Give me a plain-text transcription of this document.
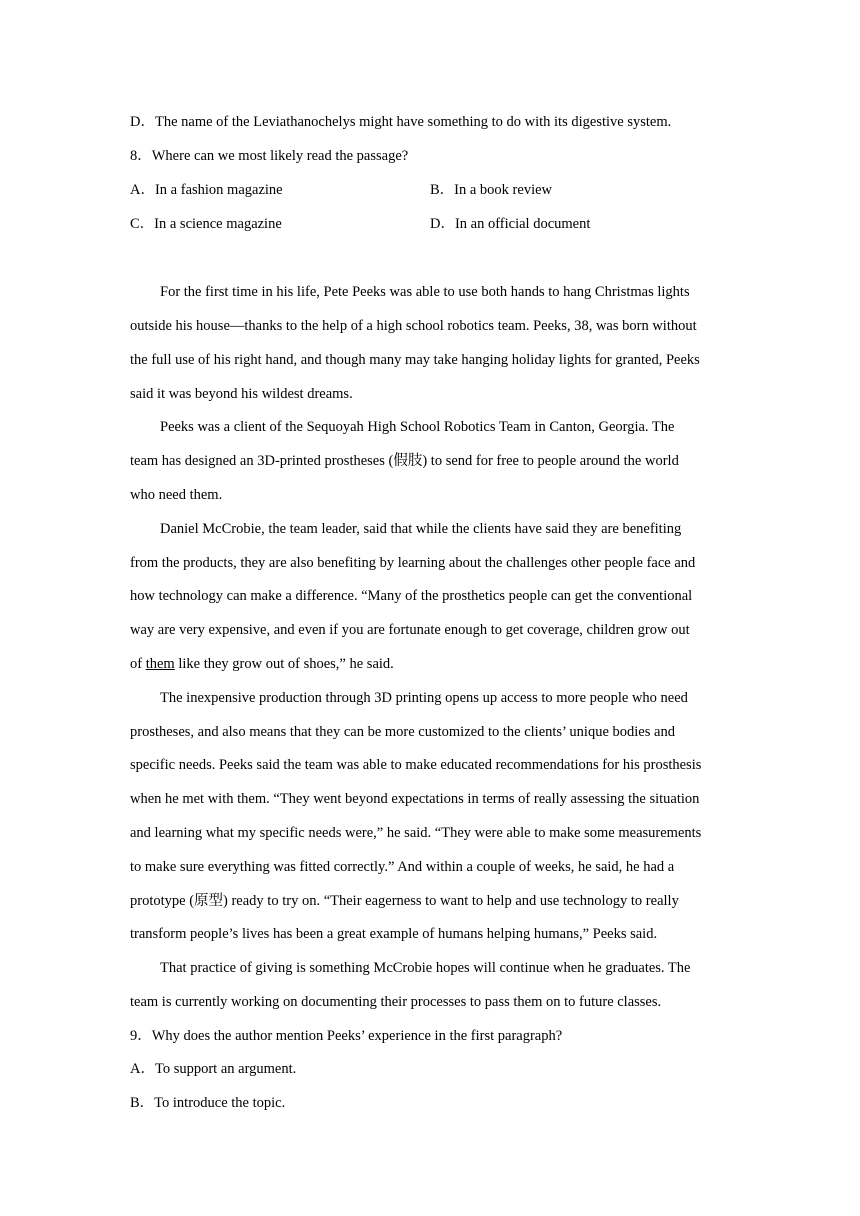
D．The name of the Leviathanochelys might have something to do with its digestive system.
8．Where can we most likely read the passage?
A．In a fashion magazine	B．In a book review
C．In a science magazine	D．In an official document
For the first time in his life, Pete Peeks was able to use both hands to hang Christmas lights
outside his house—thanks to the help of a high school robotics team. Peeks, 38, was born without
the full use of his right hand, and though many may take hanging holiday lights for granted, Peeks
said it was beyond his wildest dreams.
Peeks was a client of the Sequoyah High School Robotics Team in Canton, Georgia. The
team has designed an 3D-printed prostheses (假肢) to send for free to people around the world
who need them.
Daniel McCrobie, the team leader, said that while the clients have said they are benefiting
from the products, they are also benefiting by learning about the challenges other people face and
how technology can make a difference. “Many of the prosthetics people can get the conventional
way are very expensive, and even if you are fortunate enough to get coverage, children grow out
of them like they grow out of shoes,” he said.
The inexpensive production through 3D printing opens up access to more people who need
prostheses, and also means that they can be more customized to the clients’ unique bodies and
specific needs. Peeks said the team was able to make educated recommendations for his prosthesis
when he met with them. “They went beyond expectations in terms of really assessing the situation
and learning what my specific needs were,” he said. “They were able to make some measurements
to make sure everything was fitted correctly.” And within a couple of weeks, he said, he had a
prototype (原型) ready to try on. “Their eagerness to want to help and use technology to really
transform people’s lives has been a great example of humans helping humans,” Peeks said.
That practice of giving is something McCrobie hopes will continue when he graduates. The
team is currently working on documenting their processes to pass them on to future classes.
9．Why does the author mention Peeks’ experience in the first paragraph?
A．To support an argument.
B．To introduce the topic.
